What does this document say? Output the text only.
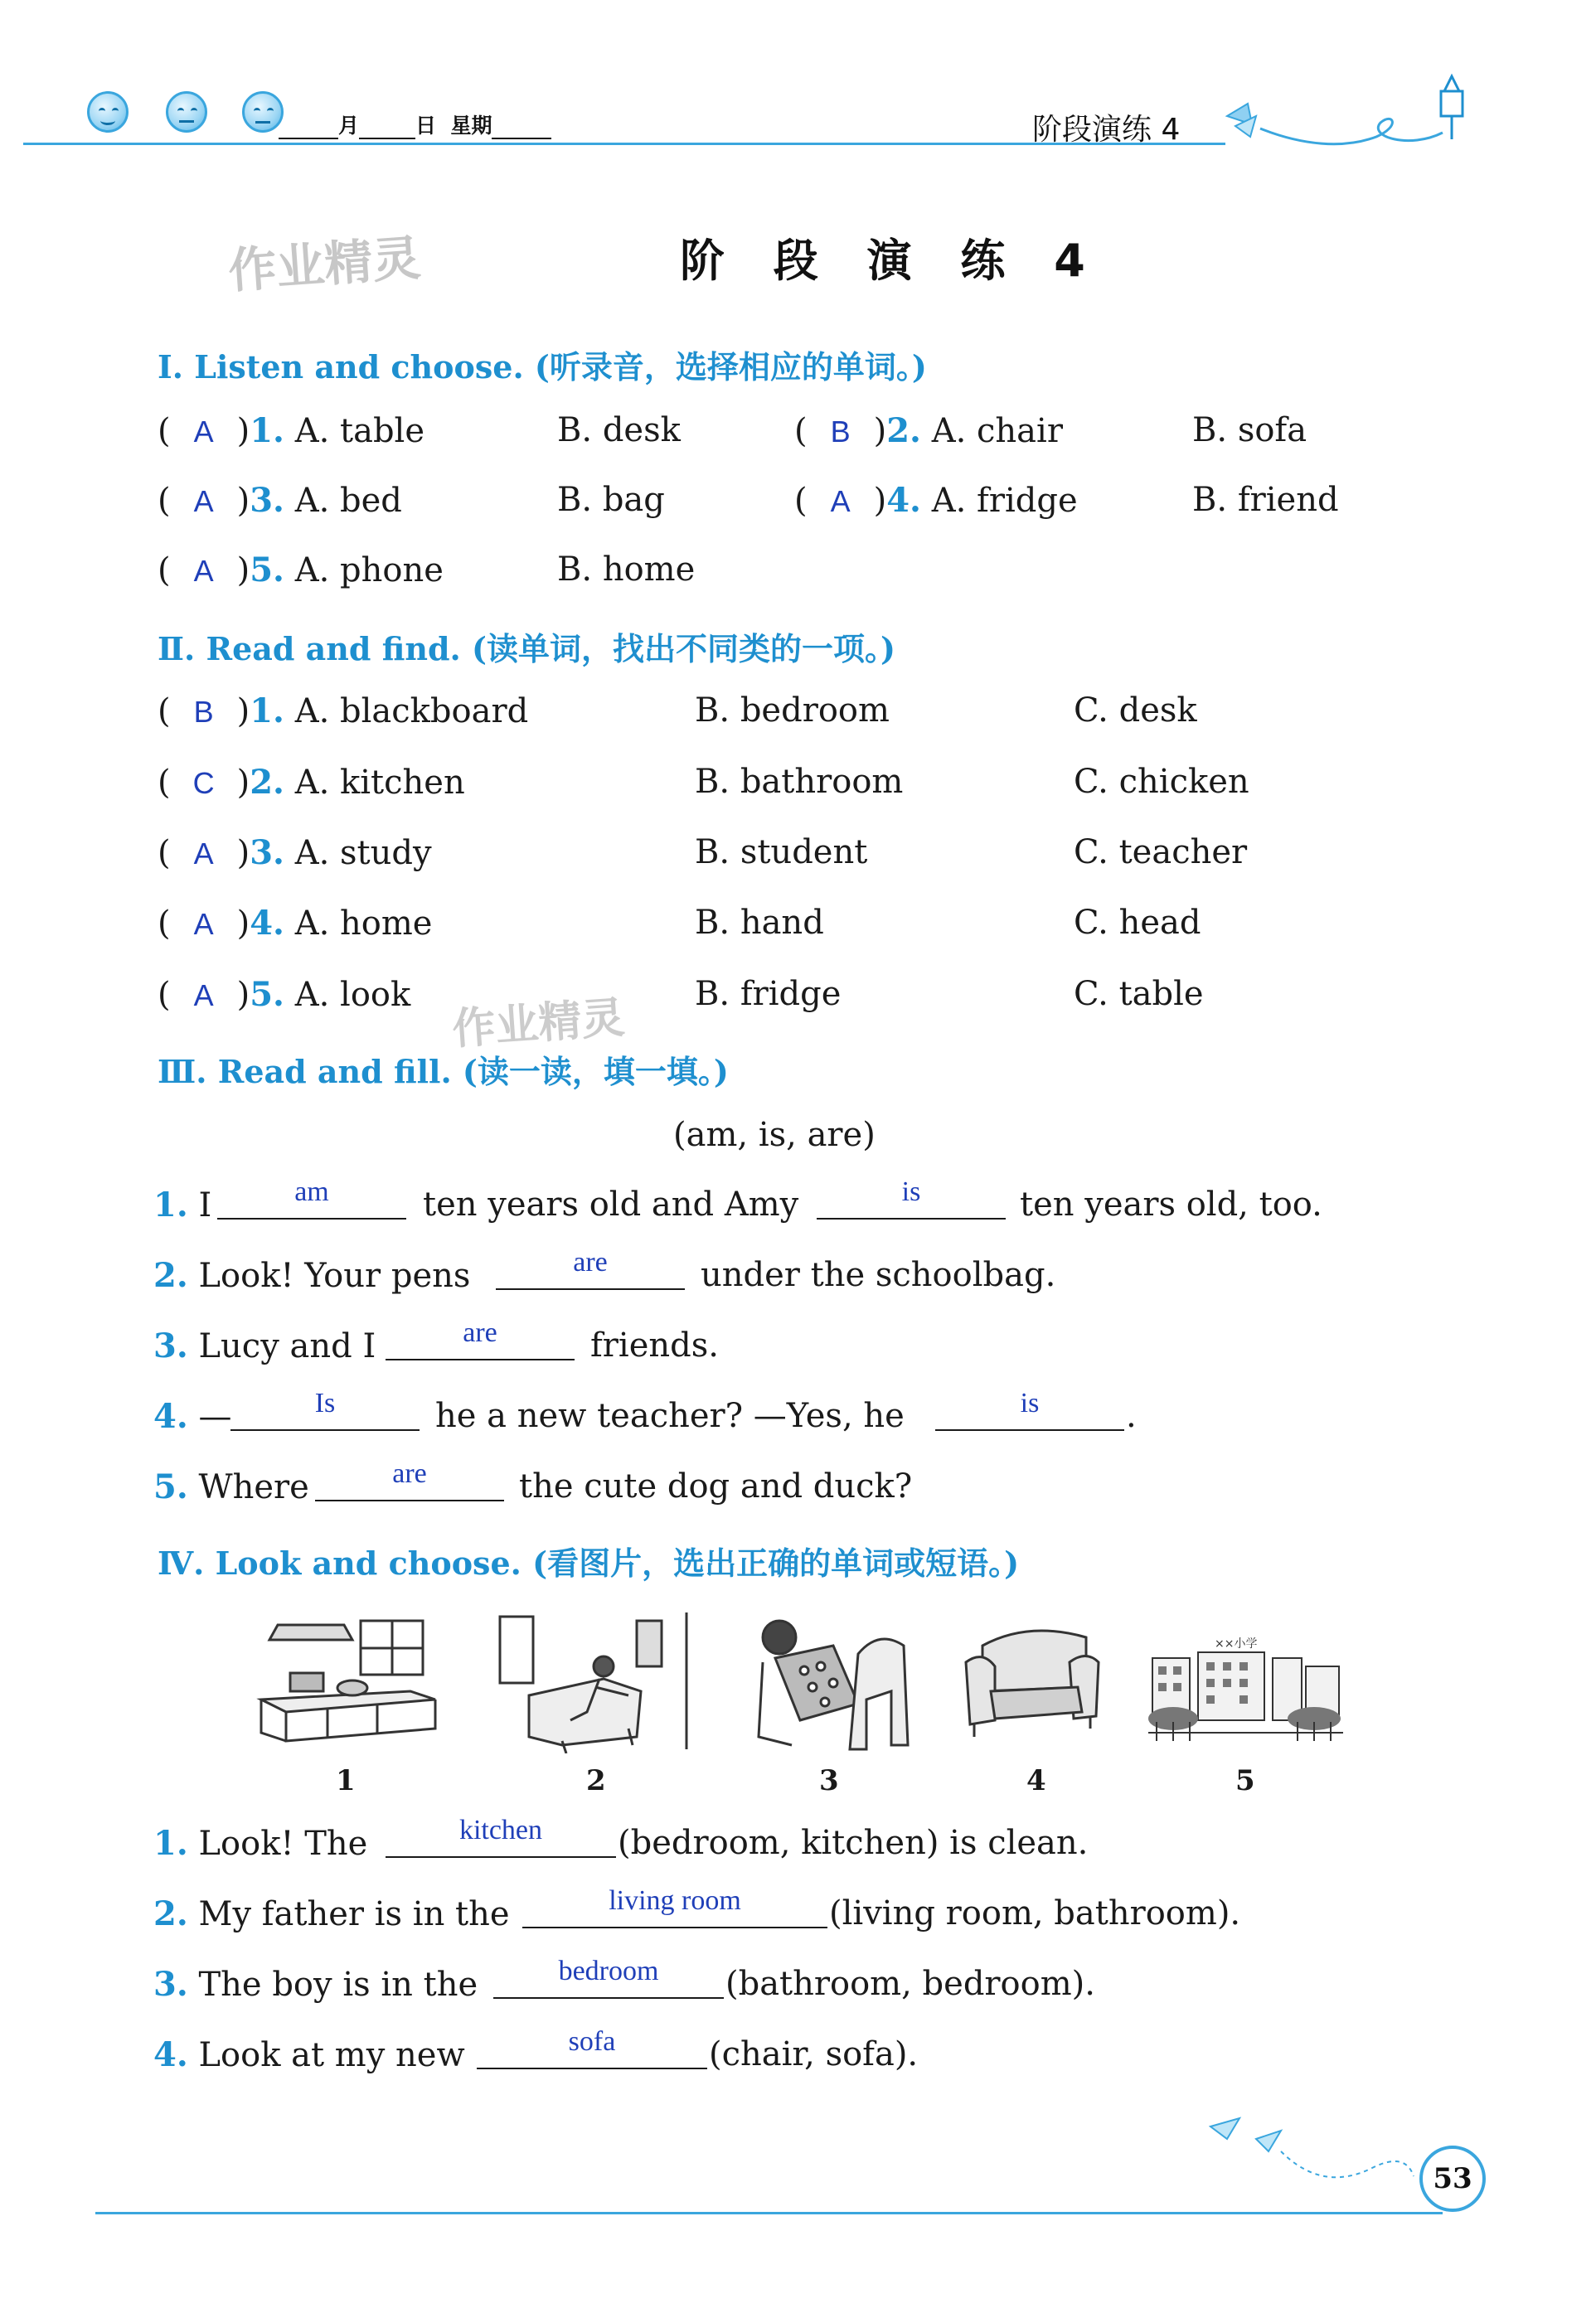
月	日 星期	阶段演练 4
作业精灵
作业精灵
阶 段 演 练 4
Ⅰ. Listen and choose. (听录音，选择相应的单词。)
( A )1. A. table	B. desk	( B )2. A. chair	B. sofa
( A )3. A. bed	B. bag	( A )4. A. fridge	B. friend
( A )5. A. phone	B. home
Ⅱ. Read and find. (读单词，找出不同类的一项。)
( B )1. A. blackboard	B. bedroom	C. desk
( C )2. A. kitchen	B. bathroom	C. chicken
( A )3. A. study	B. student	C. teacher
( A )4. A. home	B. hand	C. head
( A )5. A. look	B. fridge	C. table
Ⅲ. Read and fill. (读一读，填一填。)
(am, is, are)
1. I	am	ten years old and Amy	is	ten years old, too.
2. Look! Your pens	are	under the schoolbag.
3. Lucy and I	are	friends.
4. —	Is	he a new teacher? —Yes, he	is	.
5. Where	are	the cute dog and duck?
Ⅳ. Look and choose. (看图片，选出正确的单词或短语。)
××小学
1	2	3	4	5
1. Look! The	kitchen	(bedroom, kitchen) is clean.
2. My father is in the	living room	(living room, bathroom).
3. The boy is in the	bedroom	(bathroom, bedroom).
4. Look at my new	sofa	(chair, sofa).
53
